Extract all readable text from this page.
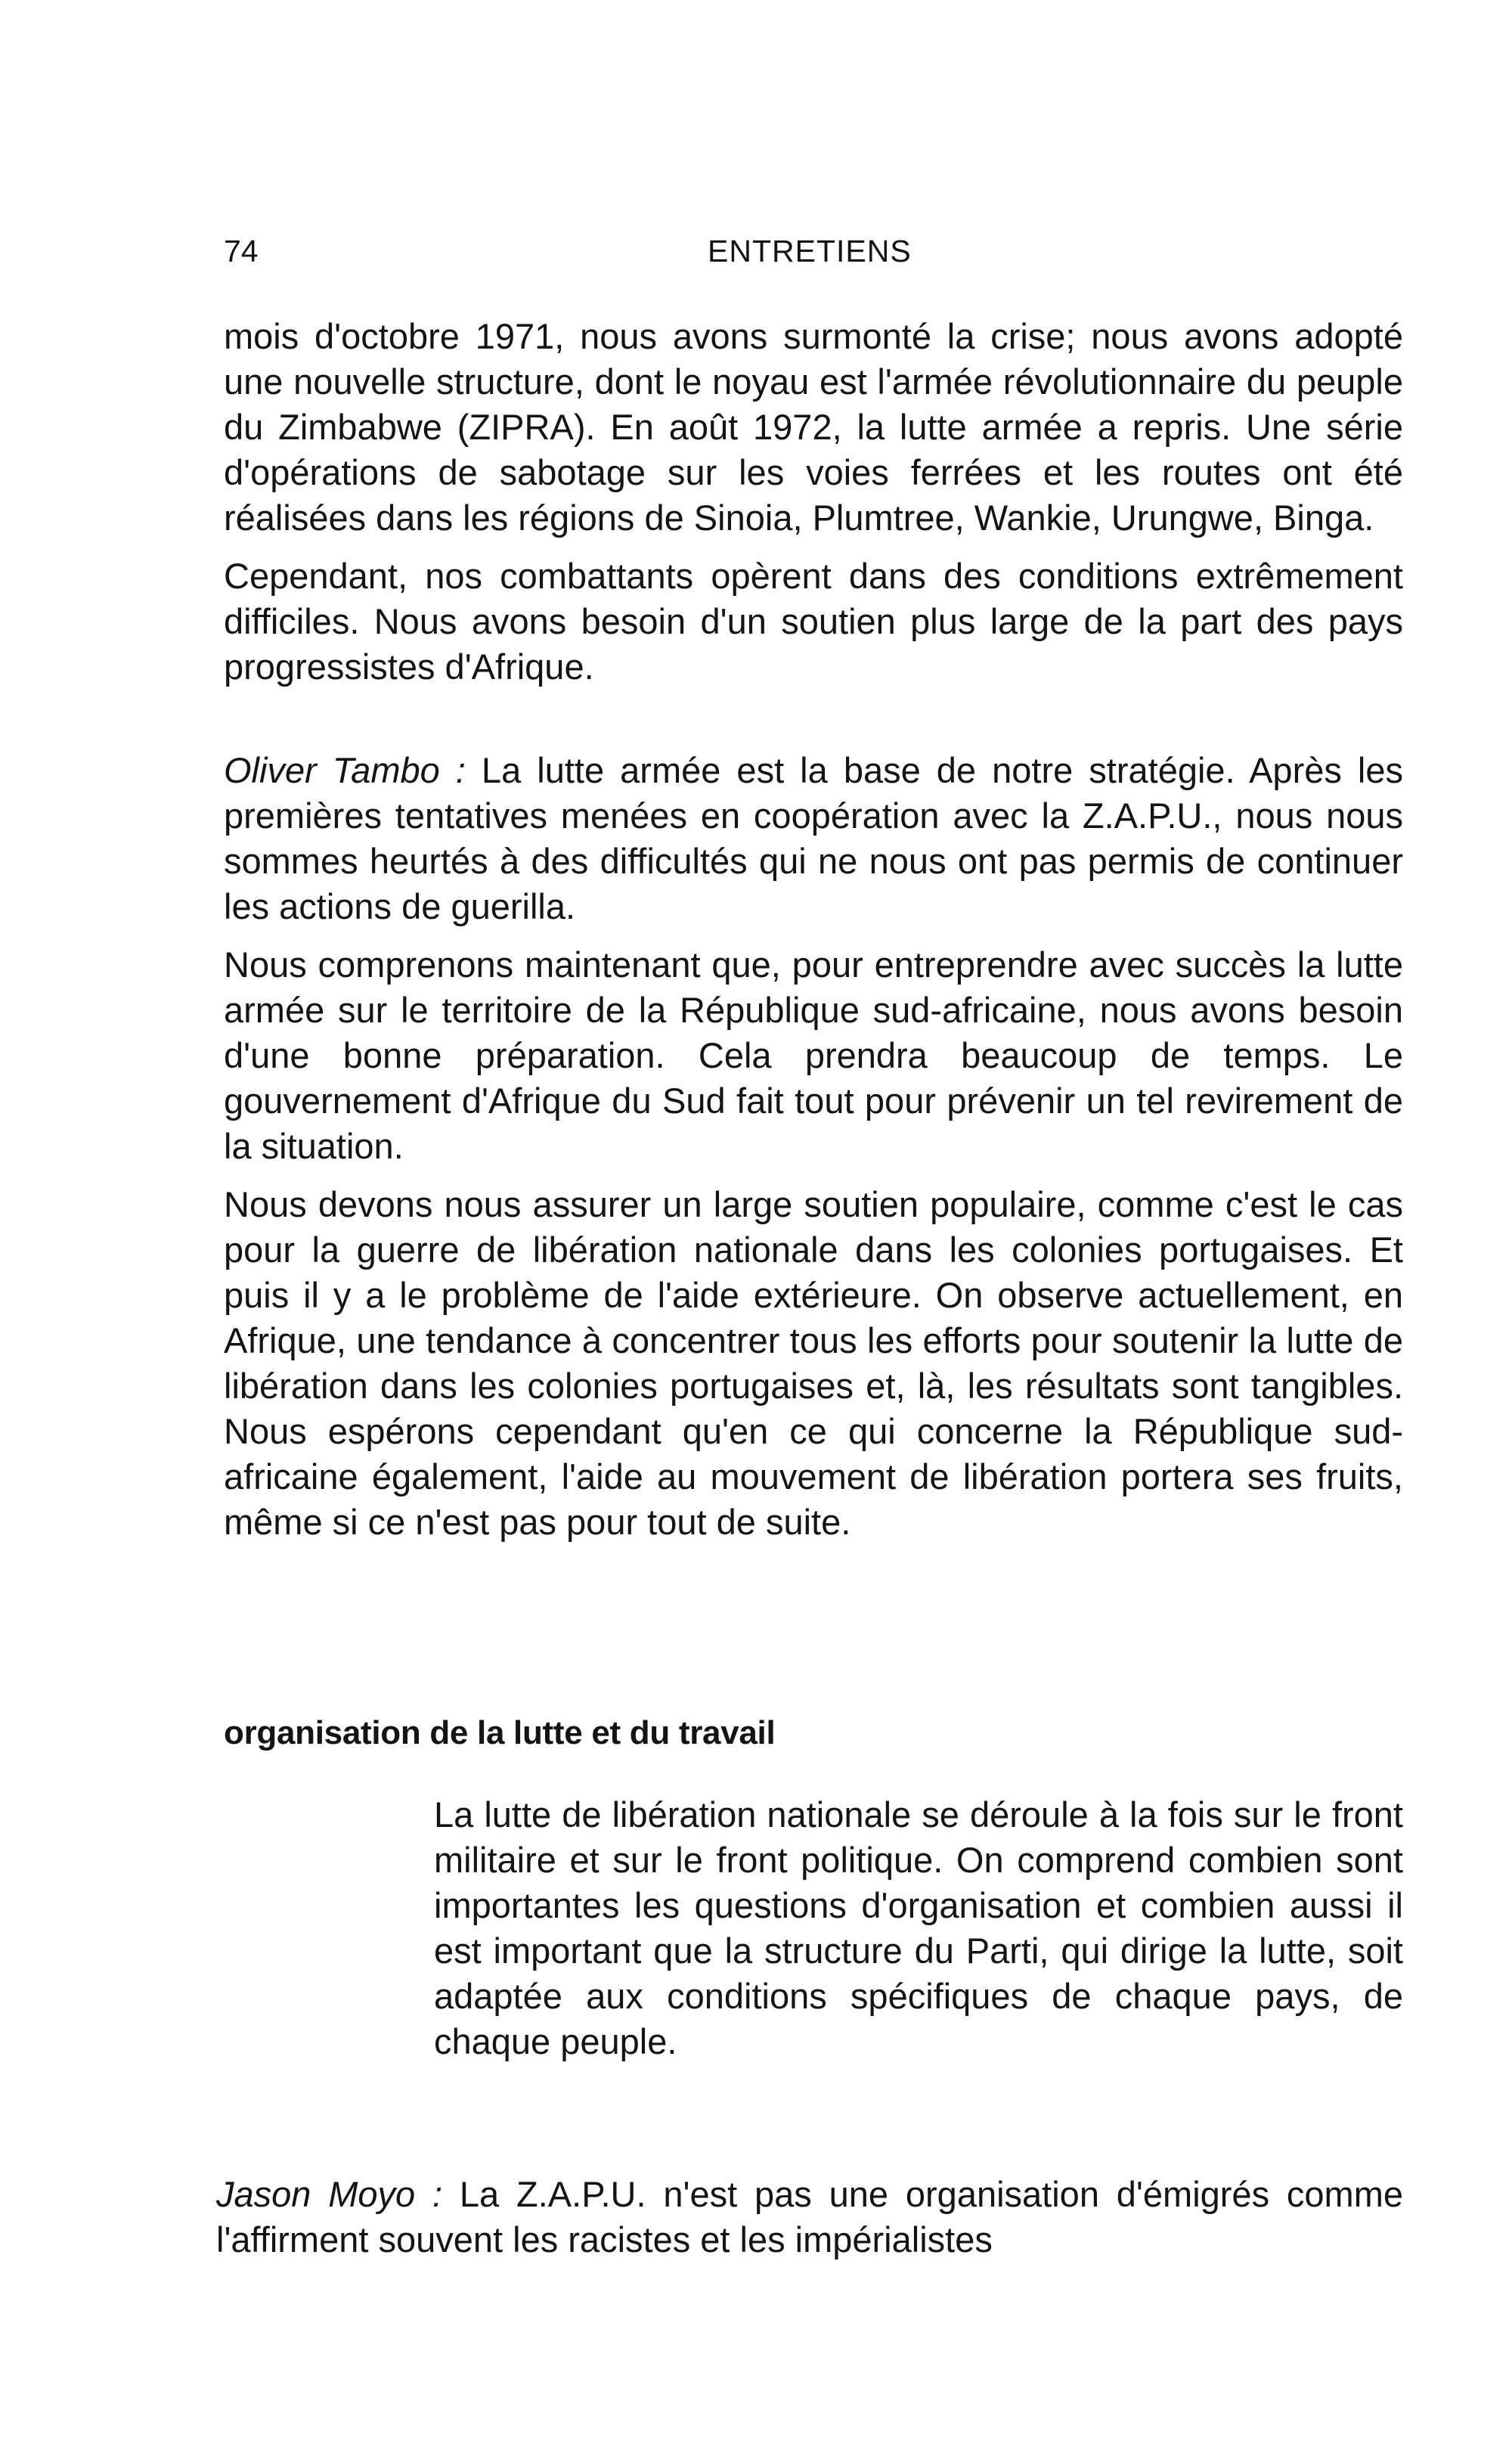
74	ENTRETIENS

mois d'octobre 1971, nous avons surmonté la crise; nous avons adopté une nouvelle structure, dont le noyau est l'armée révolutionnaire du peuple du Zimbabwe (ZIPRA). En août 1972, la lutte armée a repris. Une série d'opérations de sabotage sur les voies ferrées et les routes ont été réalisées dans les régions de Sinoia, Plumtree, Wankie, Urungwe, Binga.

Cependant, nos combattants opèrent dans des conditions extrêmement difficiles. Nous avons besoin d'un soutien plus large de la part des pays progressistes d'Afrique.

Oliver Tambo : La lutte armée est la base de notre stratégie. Après les premières tentatives menées en coopération avec la Z.A.P.U., nous nous sommes heurtés à des difficultés qui ne nous ont pas permis de continuer les actions de guerilla.

Nous comprenons maintenant que, pour entreprendre avec succès la lutte armée sur le territoire de la République sud-africaine, nous avons besoin d'une bonne préparation. Cela prendra beaucoup de temps. Le gouvernement d'Afrique du Sud fait tout pour prévenir un tel revirement de la situation.

Nous devons nous assurer un large soutien populaire, comme c'est le cas pour la guerre de libération nationale dans les colonies portugaises. Et puis il y a le problème de l'aide extérieure. On observe actuellement, en Afrique, une tendance à concentrer tous les efforts pour soutenir la lutte de libération dans les colonies portugaises et, là, les résultats sont tangibles. Nous espérons cependant qu'en ce qui concerne la République sud-africaine également, l'aide au mouvement de libération portera ses fruits, même si ce n'est pas pour tout de suite.

organisation de la lutte et du travail

La lutte de libération nationale se déroule à la fois sur le front militaire et sur le front politique. On comprend combien sont importantes les questions d'organisation et combien aussi il est important que la structure du Parti, qui dirige la lutte, soit adaptée aux conditions spécifiques de chaque pays, de chaque peuple.

Jason Moyo : La Z.A.P.U. n'est pas une organisation d'émigrés comme l'affirment souvent les racistes et les impérialistes
